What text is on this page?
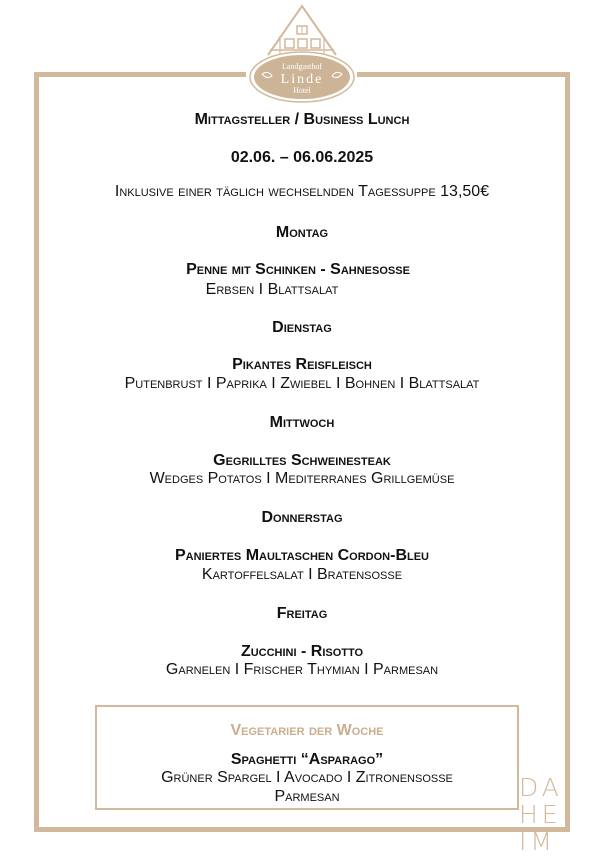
Landgasthof
Linde
Hotel
Mittagsteller / Business Lunch
02.06. – 06.06.2025
Inklusive einer täglich wechselnden Tagessuppe 13,50€
Montag
Penne mit Schinken - Sahnesoße
Erbsen I Blattsalat
Dienstag
Pikantes Reisfleisch
Putenbrust I Paprika I Zwiebel I Bohnen I Blattsalat
Mittwoch
Gegrilltes Schweinesteak
Wedges Potatos I Mediterranes Grillgemüse
Donnerstag
Paniertes Maultaschen Cordon-Bleu
Kartoffelsalat I Bratensoße
Freitag
Zucchini - Risotto
Garnelen I Frischer Thymian I Parmesan
Vegetarier der Woche
Spaghetti “Asparago”
Grüner Spargel I Avocado I Zitronensoße
Parmesan	DA
HE
IM
